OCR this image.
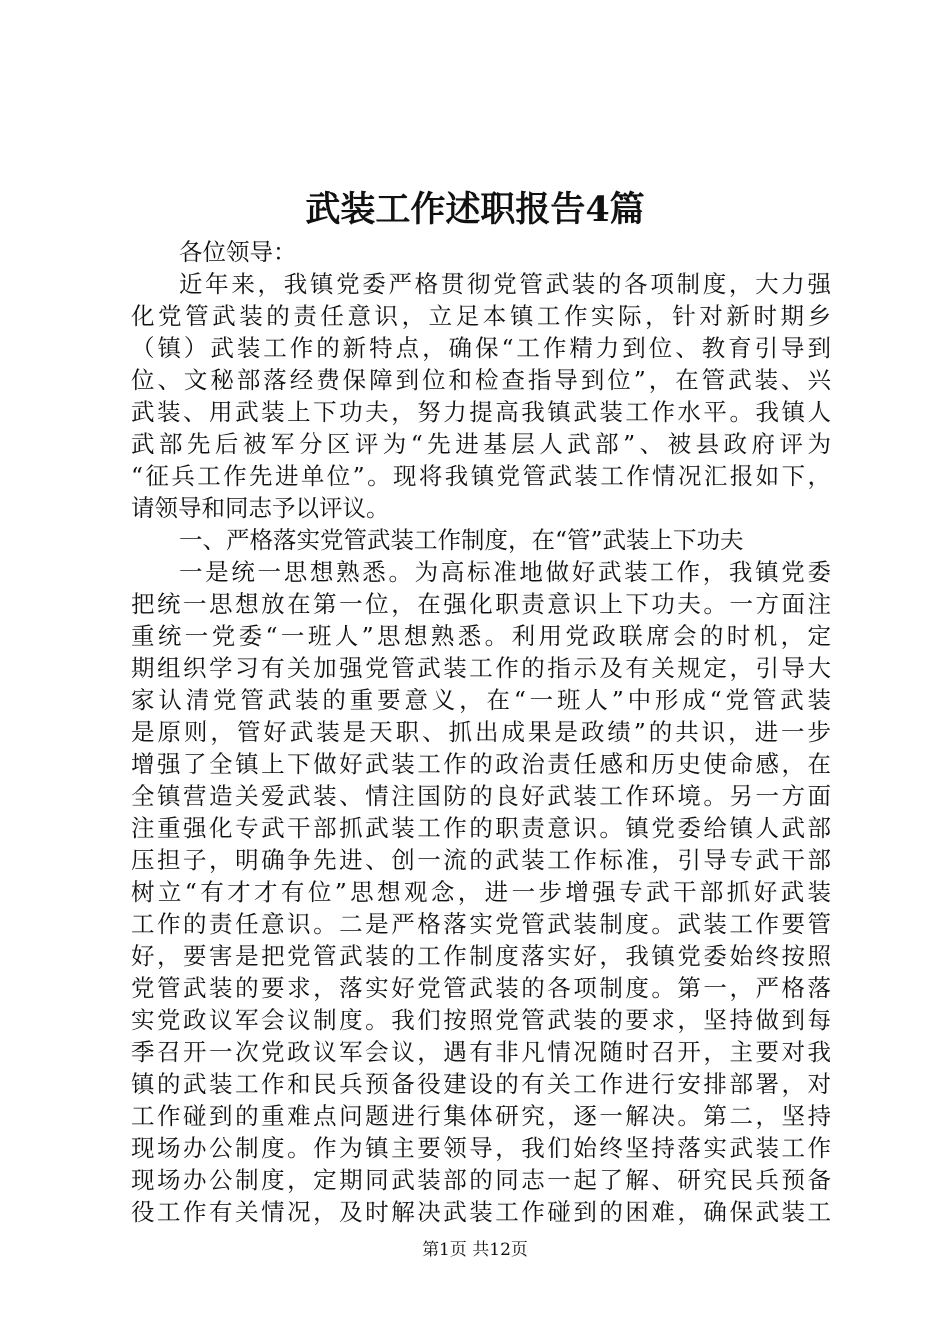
武装工作述职报告4篇
各位领导：
近年来，我镇党委严格贯彻党管武装的各项制度，大力强
化党管武装的责任意识，立足本镇工作实际，针对新时期乡
（镇）武装工作的新特点，确保“工作精力到位、教育引导到
位、文秘部落经费保障到位和检查指导到位”，在管武装、兴
武装、用武装上下功夫，努力提高我镇武装工作水平。我镇人
武部先后被军分区评为“先进基层人武部”、被县政府评为
“征兵工作先进单位”。现将我镇党管武装工作情况汇报如下，
请领导和同志予以评议。
一、严格落实党管武装工作制度，在“管”武装上下功夫
一是统一思想熟悉。为高标准地做好武装工作，我镇党委
把统一思想放在第一位，在强化职责意识上下功夫。一方面注
重统一党委“一班人”思想熟悉。利用党政联席会的时机，定
期组织学习有关加强党管武装工作的指示及有关规定，引导大
家认清党管武装的重要意义，在“一班人”中形成“党管武装
是原则，管好武装是天职、抓出成果是政绩”的共识，进一步
增强了全镇上下做好武装工作的政治责任感和历史使命感，在
全镇营造关爱武装、情注国防的良好武装工作环境。另一方面
注重强化专武干部抓武装工作的职责意识。镇党委给镇人武部
压担子，明确争先进、创一流的武装工作标准，引导专武干部
树立“有才才有位”思想观念，进一步增强专武干部抓好武装
工作的责任意识。二是严格落实党管武装制度。武装工作要管
好，要害是把党管武装的工作制度落实好，我镇党委始终按照
党管武装的要求，落实好党管武装的各项制度。第一，严格落
实党政议军会议制度。我们按照党管武装的要求，坚持做到每
季召开一次党政议军会议，遇有非凡情况随时召开，主要对我
镇的武装工作和民兵预备役建设的有关工作进行安排部署，对
工作碰到的重难点问题进行集体研究，逐一解决。第二，坚持
现场办公制度。作为镇主要领导，我们始终坚持落实武装工作
现场办公制度，定期同武装部的同志一起了解、研究民兵预备
役工作有关情况，及时解决武装工作碰到的困难，确保武装工
第1页 共12页
